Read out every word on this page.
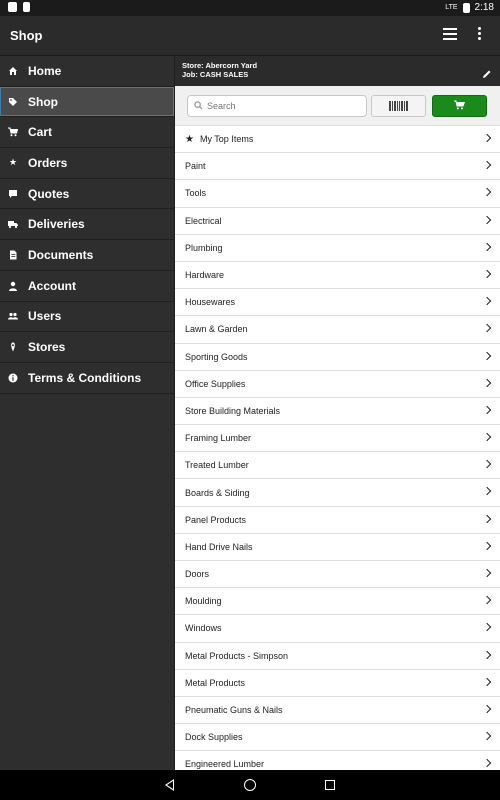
LTE 2:18
Shop
Home
Shop
Cart
★ Orders
Quotes
Deliveries
Documents
Account
Users
Stores
Terms & Conditions
Store: Abercorn Yard
Job: CASH SALES
Search
★ My Top Items
Paint
Tools
Electrical
Plumbing
Hardware
Housewares
Lawn & Garden
Sporting Goods
Office Supplies
Store Building Materials
Framing Lumber
Treated Lumber
Boards & Siding
Panel Products
Hand Drive Nails
Doors
Moulding
Windows
Metal Products - Simpson
Metal Products
Pneumatic Guns & Nails
Dock Supplies
Engineered Lumber
